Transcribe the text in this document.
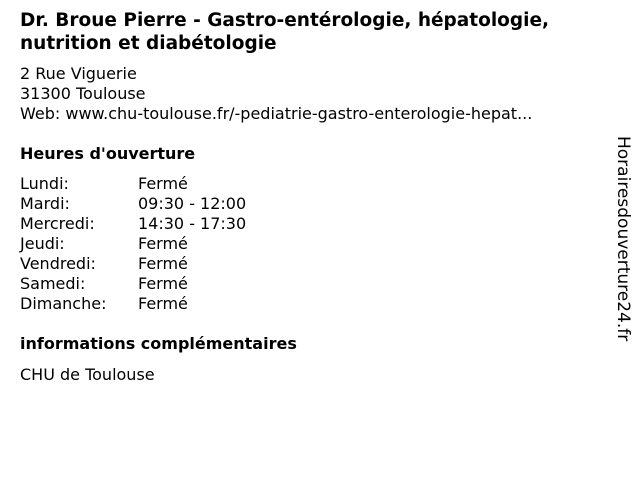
Dr. Broue Pierre - Gastro-entérologie, hépatologie, nutrition et diabétologie
2 Rue Viguerie
31300 Toulouse
Web: www.chu-toulouse.fr/-pediatrie-gastro-enterologie-hepat...
Heures d'ouverture
Lundi:	Fermé
Mardi:	09:30 - 12:00
Mercredi:	14:30 - 17:30
Jeudi:	Fermé
Vendredi:	Fermé
Samedi:	Fermé
Dimanche: Fermé
informations complémentaires
CHU de Toulouse
Horairesdouverture24.fr
